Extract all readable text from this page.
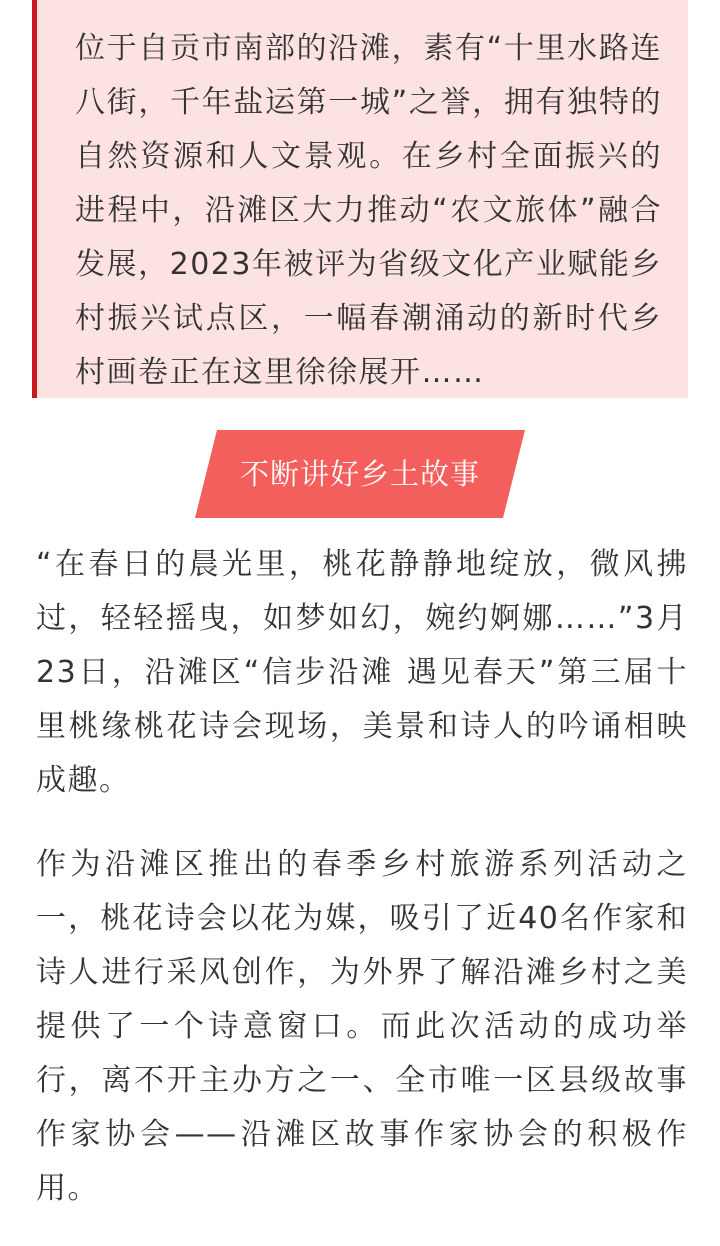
位于自贡市南部的沿滩，素有“十里水路连八街，千年盐运第一城”之誉，拥有独特的自然资源和人文景观。在乡村全面振兴的进程中，沿滩区大力推动“农文旅体”融合发展，2023年被评为省级文化产业赋能乡村振兴试点区，一幅春潮涌动的新时代乡村画卷正在这里徐徐展开……

不断讲好乡土故事

“在春日的晨光里，桃花静静地绽放，微风拂过，轻轻摇曳，如梦如幻，婉约婀娜……”3月23日，沿滩区“信步沿滩 遇见春天”第三届十里桃缘桃花诗会现场，美景和诗人的吟诵相映成趣。

作为沿滩区推出的春季乡村旅游系列活动之一，桃花诗会以花为媒，吸引了近40名作家和诗人进行采风创作，为外界了解沿滩乡村之美提供了一个诗意窗口。而此次活动的成功举行，离不开主办方之一、全市唯一区县级故事作家协会——沿滩区故事作家协会的积极作用。
